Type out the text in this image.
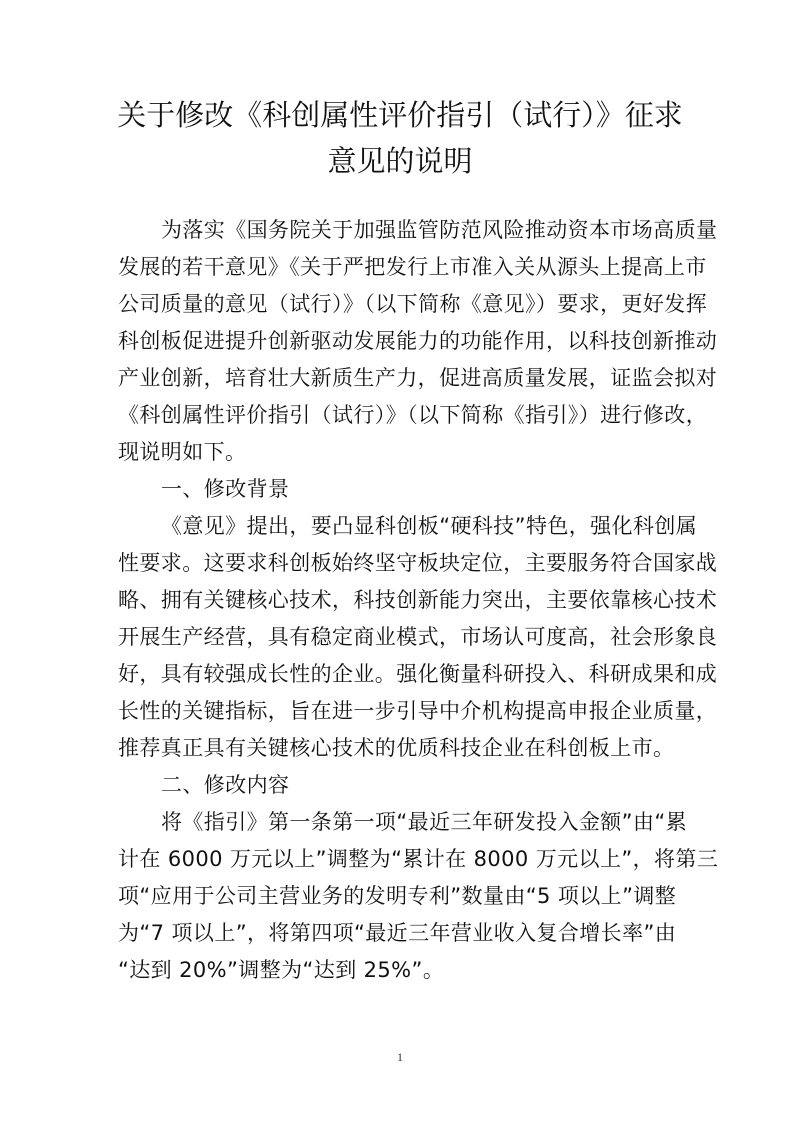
关于修改《科创属性评价指引（试行）》征求
意见的说明
为落实《国务院关于加强监管防范风险推动资本市场高质量
发展的若干意见》《关于严把发行上市准入关从源头上提高上市
公司质量的意见（试行）》（以下简称《意见》）要求，更好发挥
科创板促进提升创新驱动发展能力的功能作用，以科技创新推动
产业创新，培育壮大新质生产力，促进高质量发展，证监会拟对
《科创属性评价指引（试行）》（以下简称《指引》）进行修改，
现说明如下。
一、修改背景
《意见》提出，要凸显科创板“硬科技”特色，强化科创属
性要求。这要求科创板始终坚守板块定位，主要服务符合国家战
略、拥有关键核心技术，科技创新能力突出，主要依靠核心技术
开展生产经营，具有稳定商业模式，市场认可度高，社会形象良
好，具有较强成长性的企业。强化衡量科研投入、科研成果和成
长性的关键指标，旨在进一步引导中介机构提高申报企业质量，
推荐真正具有关键核心技术的优质科技企业在科创板上市。
二、修改内容
将《指引》第一条第一项“最近三年研发投入金额”由“累
计在 6000 万元以上”调整为“累计在 8000 万元以上”，将第三
项“应用于公司主营业务的发明专利”数量由“5 项以上”调整
为“7 项以上”，将第四项“最近三年营业收入复合增长率”由
“达到 20%”调整为“达到 25%”。
1
